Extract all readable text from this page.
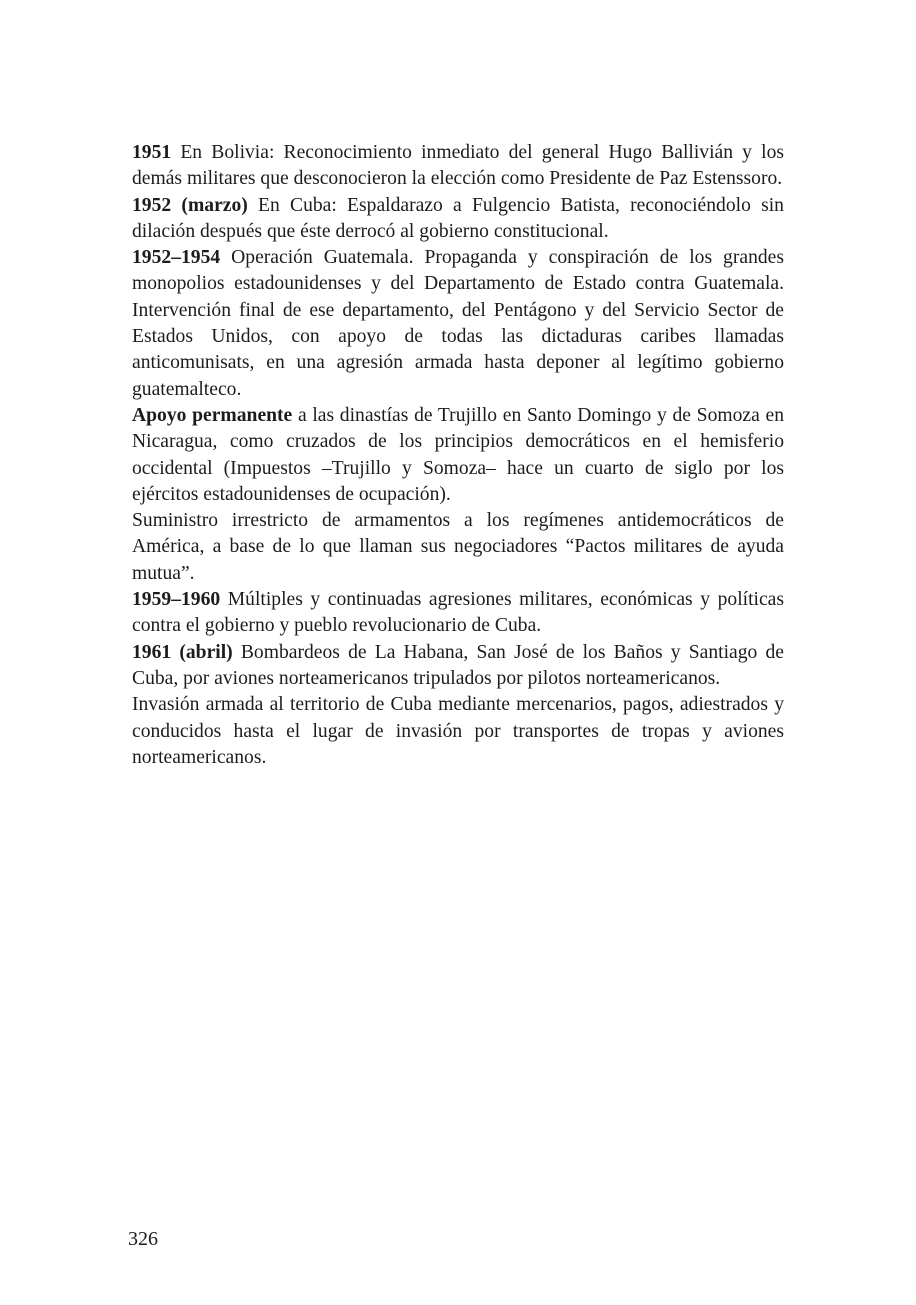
1951 En Bolivia: Reconocimiento inmediato del general Hugo Ballivián y los demás militares que desconocieron la elección como Presidente de Paz Estenssoro.

1952 (marzo) En Cuba: Espaldarazo a Fulgencio Batista, reconociéndolo sin dilación después que éste derrocó al gobierno constitucional.

1952–1954 Operación Guatemala. Propaganda y conspiración de los grandes monopolios estadounidenses y del Departamento de Estado contra Guatemala. Intervención final de ese departamento, del Pentágono y del Servicio Sector de Estados Unidos, con apoyo de todas las dictaduras caribes llamadas anticomunisats, en una agresión armada hasta deponer al legítimo gobierno guatemalteco.

Apoyo permanente a las dinastías de Trujillo en Santo Domingo y de Somoza en Nicaragua, como cruzados de los principios democráticos en el hemisferio occidental (Impuestos –Trujillo y Somoza– hace un cuarto de siglo por los ejércitos estadounidenses de ocupación).

Suministro irrestricto de armamentos a los regímenes antidemocráticos de América, a base de lo que llaman sus negociadores “Pactos militares de ayuda mutua”.

1959–1960 Múltiples y continuadas agresiones militares, económicas y políticas contra el gobierno y pueblo revolucionario de Cuba.

1961 (abril) Bombardeos de La Habana, San José de los Baños y Santiago de Cuba, por aviones norteamericanos tripulados por pilotos norteamericanos.

Invasión armada al territorio de Cuba mediante mercenarios, pagos, adiestrados y conducidos hasta el lugar de invasión por transportes de tropas y aviones norteamericanos.

326
